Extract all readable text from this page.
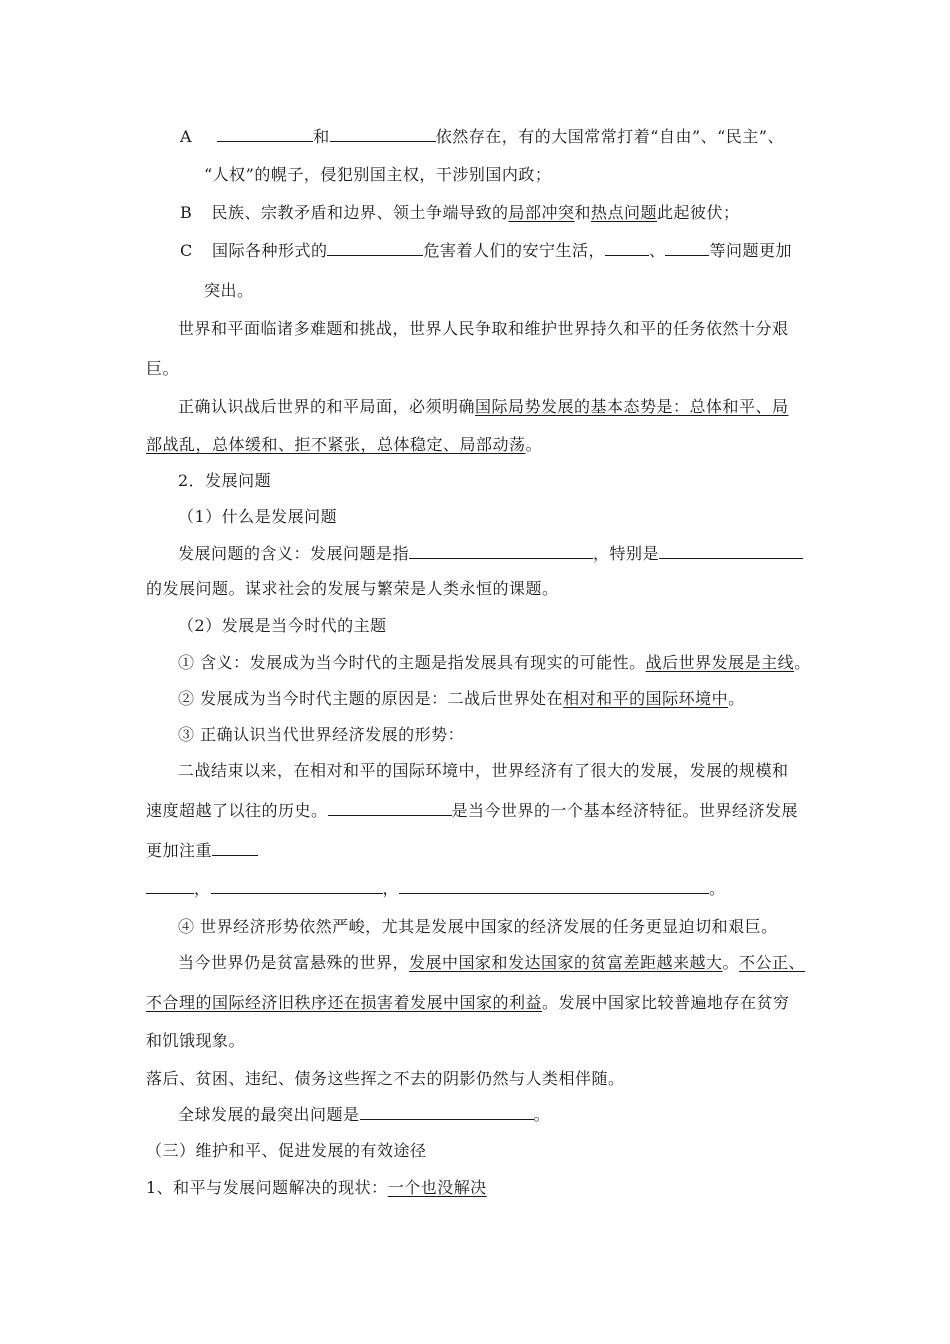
A	和	依然存在，有的大国常常打着“自由”、“民主”、
“人权”的幌子，侵犯别国主权，干涉别国内政；
B 民族、宗教矛盾和边界、领土争端导致的局部冲突和热点问题此起彼伏；
C 国际各种形式的	危害着人们的安宁生活，	、	等问题更加
突出。
世界和平面临诸多难题和挑战，世界人民争取和维护世界持久和平的任务依然十分艰
巨。
正确认识战后世界的和平局面，必须明确国际局势发展的基本态势是：总体和平、局
部战乱，总体缓和、拒不紧张，总体稳定、局部动荡。
2．发展问题
（1）什么是发展问题
发展问题的含义：发展问题是指	，特别是
的发展问题。谋求社会的发展与繁荣是人类永恒的课题。
（2）发展是当今时代的主题
① 含义：发展成为当今时代的主题是指发展具有现实的可能性。战后世界发展是主线。
② 发展成为当今时代主题的原因是：二战后世界处在相对和平的国际环境中。
③ 正确认识当代世界经济发展的形势：
二战结束以来，在相对和平的国际环境中，世界经济有了很大的发展，发展的规模和
速度超越了以往的历史。	是当今世界的一个基本经济特征。世界经济发展
更加注重
，	，	。
④ 世界经济形势依然严峻，尤其是发展中国家的经济发展的任务更显迫切和艰巨。
当今世界仍是贫富悬殊的世界，发展中国家和发达国家的贫富差距越来越大。不公正、
不合理的国际经济旧秩序还在损害着发展中国家的利益。发展中国家比较普遍地存在贫穷
和饥饿现象。
落后、贫困、违纪、债务这些挥之不去的阴影仍然与人类相伴随。
全球发展的最突出问题是	。
（三）维护和平、促进发展的有效途径
1、和平与发展问题解决的现状：一个也没解决
